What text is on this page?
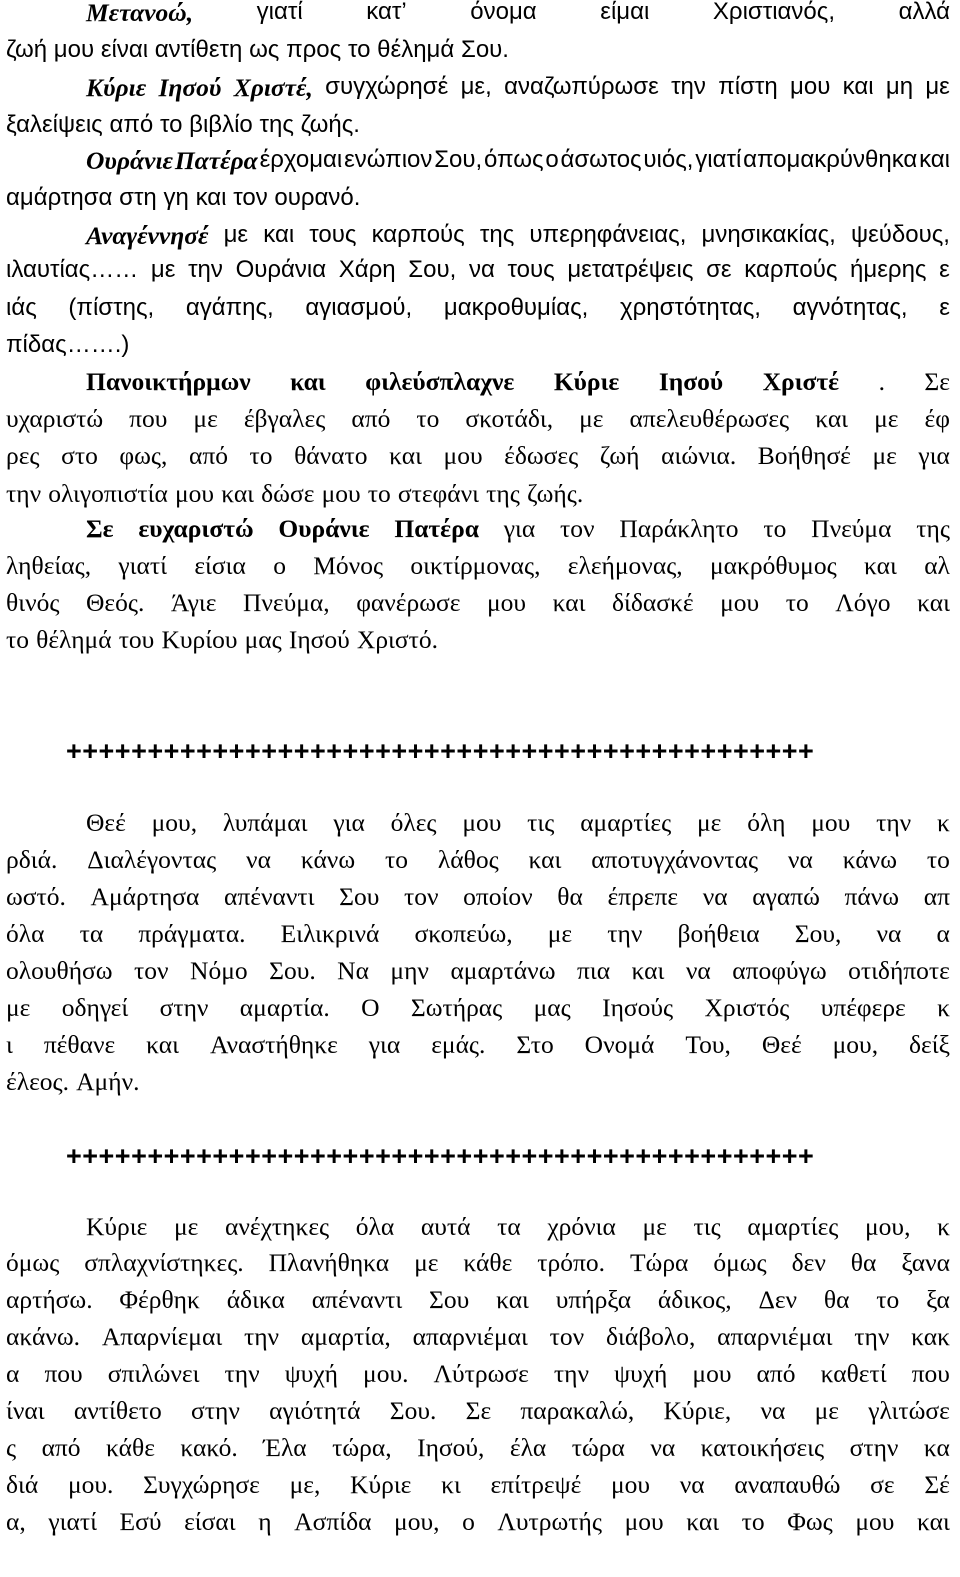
Μετανοώ,	γιατί	κατ’	όνομα	είμαι	Χριστιανός,	αλλά
ζωή μου είναι αντίθετη ως προς το θέλημά Σου.
Κύριε Ιησού Χριστέ, συγχώρησέ με, αναζωπύρωσε την πίστη μου και μη με
ξαλείψεις από το βιβλίο της ζωής.
Ουράνιε Πατέρα έρχομαι ενώπιον Σου, όπως ο άσωτος υιός, γιατί απομακρύνθηκα και
αμάρτησα στη γη και τον ουρανό.
Αναγέννησέ με και τους καρπούς της υπερηφάνειας, μνησικακίας, ψεύδους,
ιλαυτίας…… με την Ουράνια Χάρη Σου, να τους μετατρέψεις σε καρπούς ήμερης ε
ιάς (πίστης, αγάπης, αγιασμού, μακροθυμίας, χρηστότητας, αγνότητας, ε
πίδας…….)
Πανοικτήρμων και φιλεύσπλαχνε Κύριε Ιησού Χριστέ . Σε
υχαριστώ που με έβγαλες από το σκοτάδι, με απελευθέρωσες και με έφ
ρες στο φως, από το θάνατο και μου έδωσες ζωή αιώνια. Βοήθησέ με για
την ολιγοπιστία μου και δώσε μου το στεφάνι της ζωής.
Σε ευχαριστώ Ουράνιε Πατέρα για τον Παράκλητο το Πνεύμα της
ληθείας, γιατί είσια ο Μόνος οικτίρμονας, ελεήμονας, μακρόθυμος και αλ
θινός Θεός. Άγιε Πνεύμα, φανέρωσε μου και δίδασκέ μου το Λόγο και
το θέλημά του Κυρίου μας Ιησού Χριστό.
Θεέ μου, λυπάμαι για όλες μου τις αμαρτίες με όλη μου την κ
ρδιά. Διαλέγοντας να κάνω το λάθος και αποτυγχάνοντας να κάνω το
ωστό. Αμάρτησα απέναντι Σου τον οποίον θα έπρεπε να αγαπώ πάνω απ
όλα τα πράγματα. Ειλικρινά σκοπεύω, με την βοήθεια Σου, να α
ολουθήσω τον Νόμο Σου. Να μην αμαρτάνω πια και να αποφύγω οτιδήποτε
με οδηγεί στην αμαρτία. Ο Σωτήρας μας Ιησούς Χριστός υπέφερε κ
ι πέθανε και Αναστήθηκε για εμάς. Στο Ονομά Του, Θεέ μου, δείξ
έλεος. Αμήν.
Κύριε με ανέχτηκες όλα αυτά τα χρόνια με τις αμαρτίες μου, κ
όμως σπλαχνίστηκες. Πλανήθηκα με κάθε τρόπο. Τώρα όμως δεν θα ξανα
αρτήσω. Φέρθηκ άδικα απέναντι Σου και υπήρξα άδικος, Δεν θα το ξα
ακάνω. Απαρνίεμαι την αμαρτία, απαρνιέμαι τον διάβολο, απαρνιέμαι την κακ
α που σπιλώνει την ψυχή μου. Λύτρωσε την ψυχή μου από καθετί που
ίναι αντίθετο στην αγιότητά Σου. Σε παρακαλώ, Κύριε, να με γλιτώσε
ς από κάθε κακό. Έλα τώρα, Ιησού, έλα τώρα να κατοικήσεις στην κα
διά μου. Συγχώρησε με, Κύριε κι επίτρεψέ μου να αναπαυθώ σε Σέ
α, γιατί Εσύ είσαι η Ασπίδα μου, ο Λυτρωτής μου και το Φως μου και
++++++++++++++++++++++++++++++++++++++++++++++
++++++++++++++++++++++++++++++++++++++++++++++
